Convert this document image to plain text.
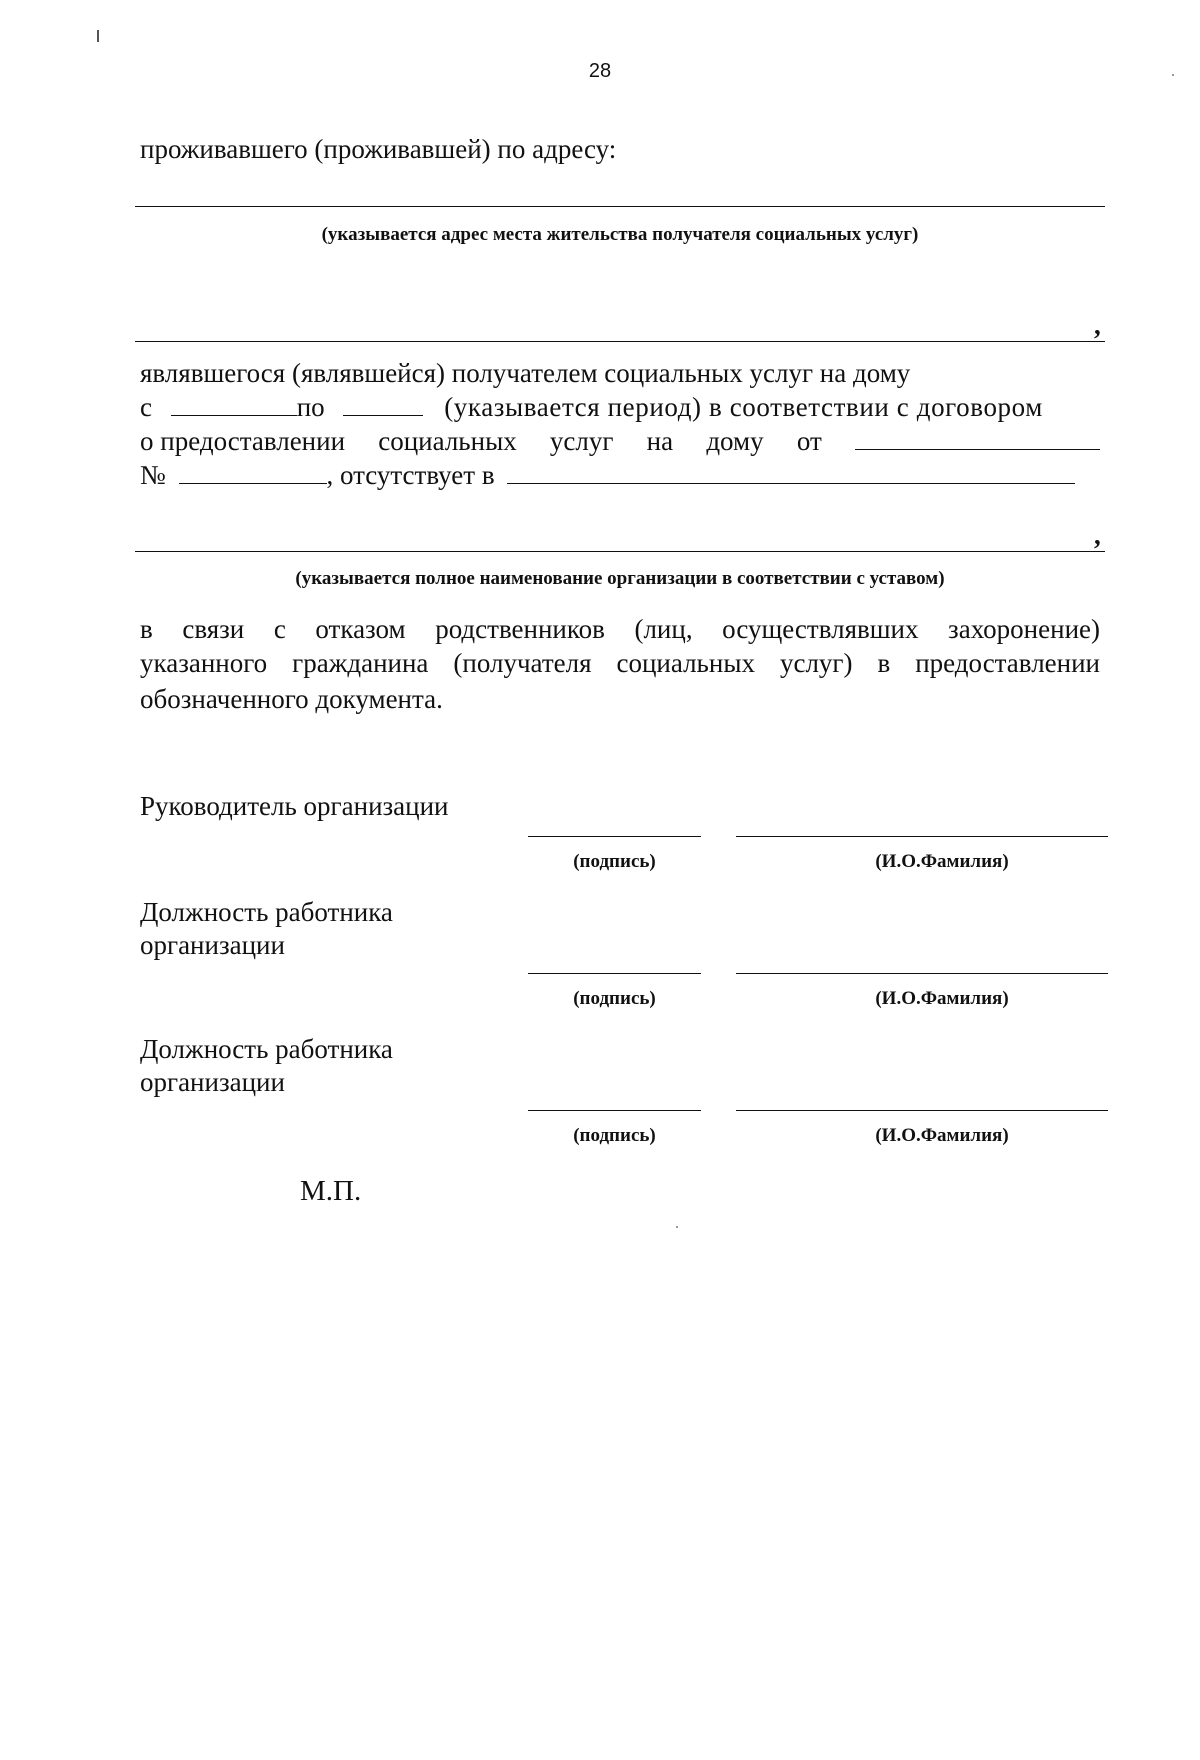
28
проживавшего (проживавшей) по адресу:
(указывается адрес места жительства получателя социальных услуг)
,
являвшегося (являвшейся) получателем социальных услуг на дому
с	по	(указывается период) в соответствии с договором
о предоставлении социальных услуг на дому от
№	, отсутствует в
,
(указывается полное наименование организации в соответствии с уставом)
в связи с отказом родственников (лиц, осуществлявших захоронение)
указанного гражданина (получателя социальных услуг) в предоставлении
обозначенного документа.
Руководитель организации
(подпись)	(И.О.Фамилия)
Должность работника
организации
(подпись)	(И.О.Фамилия)
Должность работника
организации
(подпись)	(И.О.Фамилия)
М.П.
